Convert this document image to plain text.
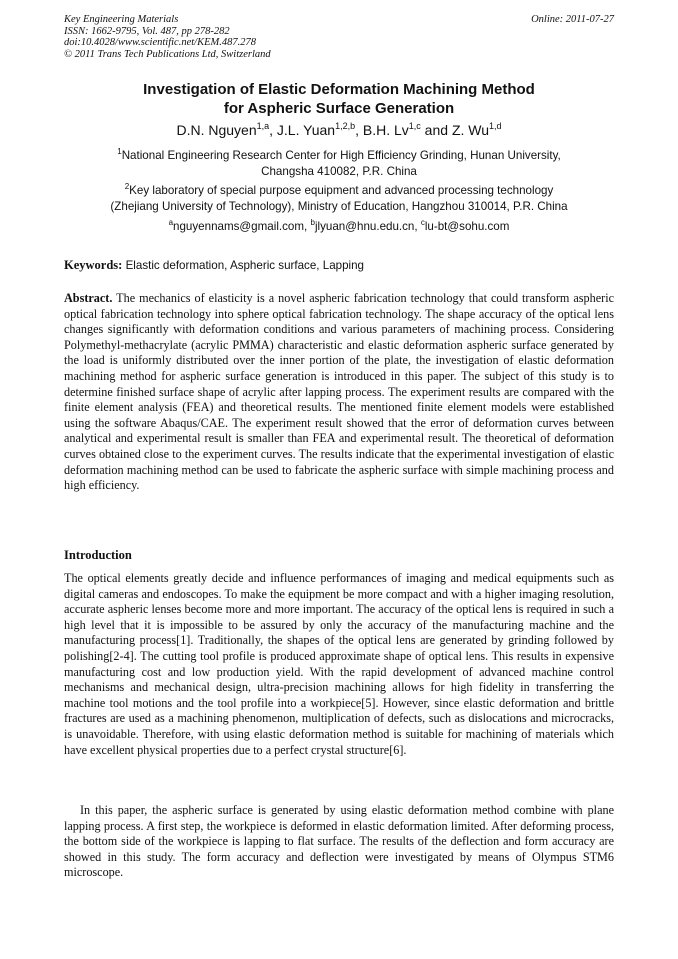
Key Engineering Materials
ISSN: 1662-9795, Vol. 487, pp 278-282
doi:10.4028/www.scientific.net/KEM.487.278
© 2011 Trans Tech Publications Ltd, Switzerland
Online: 2011-07-27
Investigation of Elastic Deformation Machining Method
for Aspheric Surface Generation
D.N. Nguyen$^{1,a}$, J.L. Yuan$^{1,2,b}$, B.H. Lv$^{1,c}$ and Z. Wu$^{1,d}$
$^1$National Engineering Research Center for High Efficiency Grinding, Hunan University,
Changsha 410082, P.R. China
$^2$Key laboratory of special purpose equipment and advanced processing technology
(Zhejiang University of Technology), Ministry of Education, Hangzhou 310014, P.R. China
$^a$nguyennams@gmail.com, $^b$jlyuan@hnu.edu.cn, $^c$lu-bt@sohu.com
Keywords: Elastic deformation, Aspheric surface, Lapping

Abstract. The mechanics of elasticity is a novel aspheric fabrication technology that could transform aspheric optical fabrication technology into sphere optical fabrication technology. The shape accuracy of the optical lens changes significantly with deformation conditions and various parameters of machining process. Considering Polymethyl-methacrylate (acrylic PMMA) characteristic and elastic deformation aspheric surface generated by the load is uniformly distributed over the inner portion of the plate, the investigation of elastic deformation machining method for aspheric surface generation is introduced in this paper. The subject of this study is to determine finished surface shape of acrylic after lapping process. The experiment results are compared with the finite element analysis (FEA) and theoretical results. The mentioned finite element models were established using the software Abaqus/CAE. The experiment result showed that the error of deformation curves between analytical and experimental result is smaller than FEA and experimental result. The theoretical of deformation curves obtained close to the experiment curves. The results indicate that the experimental investigation of elastic deformation machining method can be used to fabricate the aspheric surface with simple machining process and high efficiency.

Introduction

The optical elements greatly decide and influence performances of imaging and medical equipments such as digital cameras and endoscopes. To make the equipment be more compact and with a higher imaging resolution, accurate aspheric lenses become more and more important. The accuracy of the optical lens is required in such a high level that it is impossible to be assured by only the accuracy of the manufacturing machine and the manufacturing process[1]. Traditionally, the shapes of the optical lens are generated by grinding followed by polishing[2-4]. The cutting tool profile is produced approximate shape of optical lens. This results in expensive manufacturing cost and low production yield. With the rapid development of advanced machine control mechanisms and mechanical design, ultra-precision machining allows for high fidelity in transferring the machine tool motions and the tool profile into a workpiece[5]. However, since elastic deformation and brittle fractures are used as a machining phenomenon, multiplication of defects, such as dislocations and microcracks, is unavoidable. Therefore, with using elastic deformation method is suitable for machining of materials which have excellent physical properties due to a perfect crystal structure[6].

In this paper, the aspheric surface is generated by using elastic deformation method combine with plane lapping process. A first step, the workpiece is deformed in elastic deformation limited. After deforming process, the bottom side of the workpiece is lapping to flat surface. The results of the deflection and form accuracy are showed in this study. The form accuracy and deflection were investigated by means of Olympus STM6 microscope.
